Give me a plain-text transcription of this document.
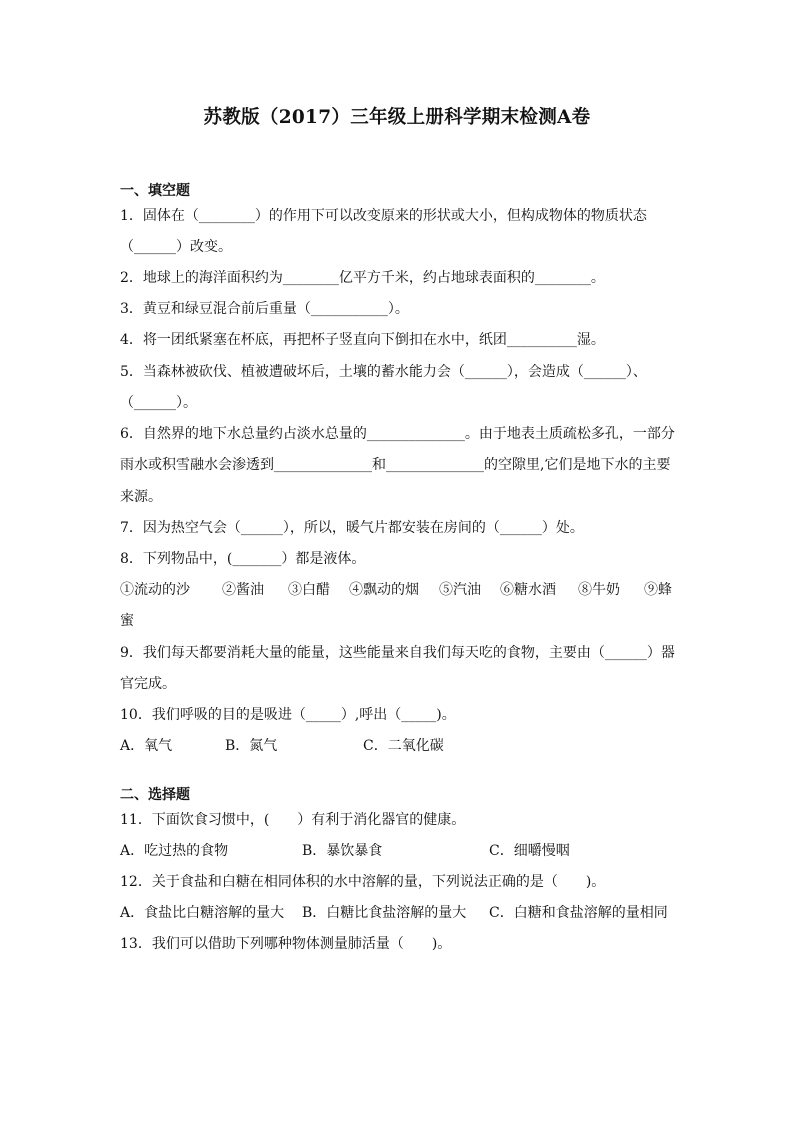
苏教版（2017）三年级上册科学期末检测A卷
一、填空题
1．固体在（________）的作用下可以改变原来的形状或大小，但构成物体的物质状态
（______）改变。
2．地球上的海洋面积约为________亿平方千米，约占地球表面积的________。
3．黄豆和绿豆混合前后重量（___________）。
4．将一团纸紧塞在杯底，再把杯子竖直向下倒扣在水中，纸团__________湿。
5．当森林被砍伐、植被遭破坏后，土壤的蓄水能力会（______），会造成（______）、
（______）。
6．自然界的地下水总量约占淡水总量的______________。由于地表土质疏松多孔，一部分
雨水或积雪融水会渗透到______________和______________的空隙里,它们是地下水的主要
来源。
7．因为热空气会（______），所以，暖气片都安装在房间的（______）处。
8．下列物品中，(_______）都是液体。
①流动的沙 ②酱油 ③白醋 ④飘动的烟 ⑤汽油 ⑥糖水酒 ⑧牛奶 ⑨蜂
蜜
9．我们每天都要消耗大量的能量，这些能量来自我们每天吃的食物，主要由（______）器
官完成。
10．我们呼吸的目的是吸进（_____）,呼出（_____)。
A．氧气	B．氮气	C．二氧化碳
二、选择题
11．下面饮食习惯中，(　　）有利于消化器官的健康。
A．吃过热的食物	B．暴饮暴食	C．细嚼慢咽
12．关于食盐和白糖在相同体积的水中溶解的量，下列说法正确的是（　　)。
A．食盐比白糖溶解的量大 B．白糖比食盐溶解的量大 C．白糖和食盐溶解的量相同
13．我们可以借助下列哪种物体测量肺活量（　　)。
